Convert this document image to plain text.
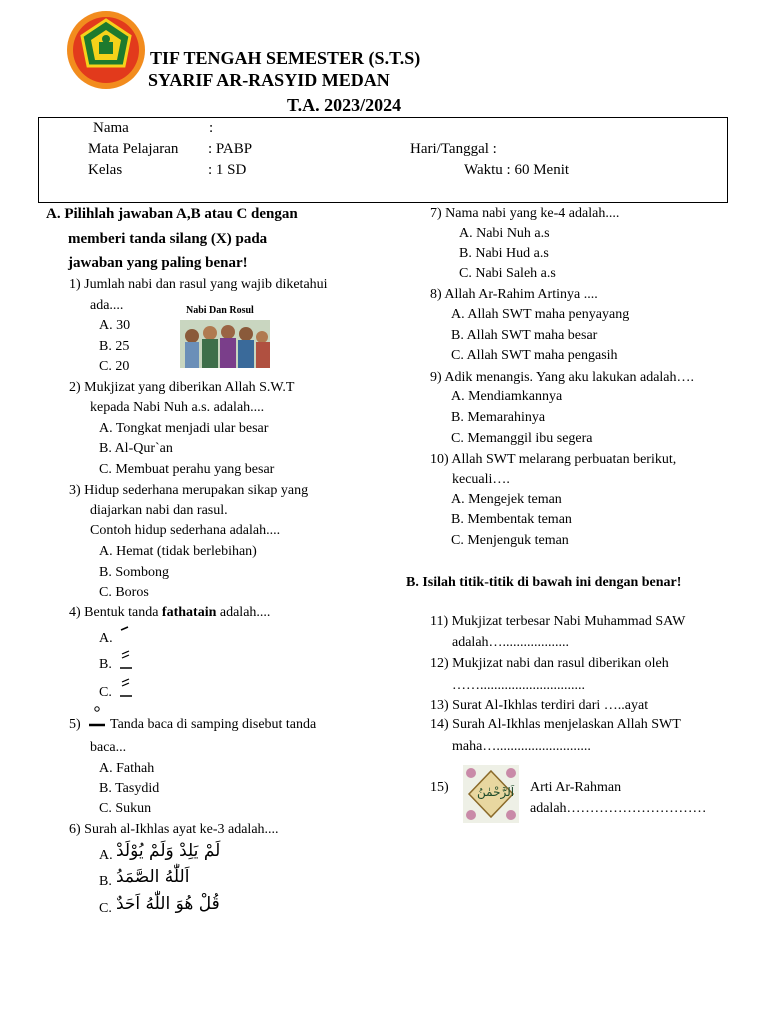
TIF TENGAH SEMESTER (S.T.S)
SYARIF AR-RASYID MEDAN
T.A. 2023/2024
Nama	:
Mata Pelajaran : PABP
Kelas	: 1 SD
Hari/Tanggal :
Waktu : 60 Menit
A. Pilihlah jawaban A,B atau C dengan
memberi tanda silang (X) pada
jawaban yang paling benar!
1) Jumlah nabi dan rasul yang wajib diketahui
ada....
A. 30
B. 25
C. 20
Nabi Dan Rosul
2) Mukjizat yang diberikan Allah S.W.T
kepada Nabi Nuh a.s. adalah....
A. Tongkat menjadi ular besar
B. Al-Qur`an
C. Membuat perahu yang besar
3) Hidup sederhana merupakan sikap yang
diajarkan nabi dan rasul.
Contoh hidup sederhana adalah....
A. Hemat (tidak berlebihan)
B. Sombong
C. Boros
4) Bentuk tanda fathatain adalah....
A.
B.
C.
5) Tanda baca di samping disebut tanda
baca...
A. Fathah
B. Tasydid
C. Sukun
6) Surah al-Ikhlas ayat ke-3 adalah....
A. لَمْ يَلِدْ وَلَمْ يُوْلَدْ
B. اَللّٰهُ الصَّمَدُ
C. قُلْ هُوَ اللّٰهُ اَحَدٌ
7) Nama nabi yang ke-4 adalah....
A. Nabi Nuh a.s
B. Nabi Hud a.s
C. Nabi Saleh a.s
8) Allah Ar-Rahim Artinya ....
A. Allah SWT maha penyayang
B. Allah SWT maha besar
C. Allah SWT maha pengasih
9) Adik menangis. Yang aku lakukan adalah….
A. Mendiamkannya
B. Memarahinya
C. Memanggil ibu segera
10) Allah SWT melarang perbuatan berikut,
kecuali….
A. Mengejek teman
B. Membentak teman
C. Menjenguk teman
B. Isilah titik-titik di bawah ini dengan benar!
11) Mukjizat terbesar Nabi Muhammad SAW
adalah…...................
12) Mukjizat nabi dan rasul diberikan oleh
……..............................
13) Surat Al-Ikhlas terdiri dari …..ayat
14) Surah Al-Ikhlas menjelaskan Allah SWT
maha…...........................
15) اَلرَّحْمٰنُ Arti Ar-Rahman
adalah…………………………
